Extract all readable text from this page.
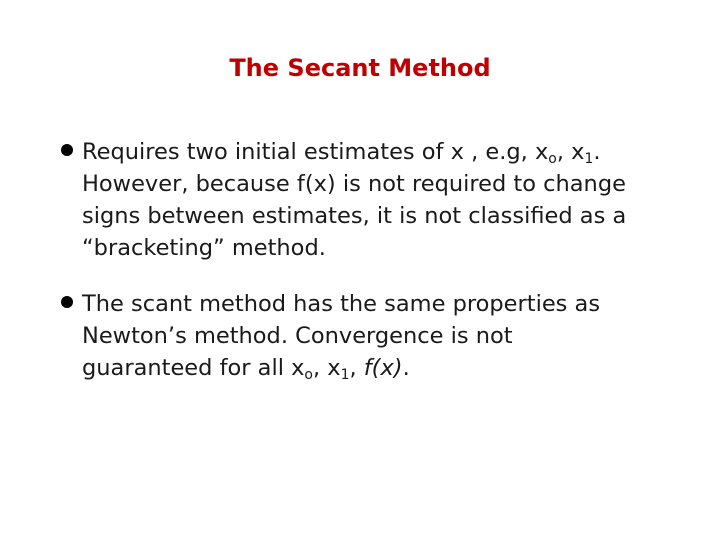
The Secant Method
Requires two initial estimates of x , e.g, $x_o$, $x_1$.
However, because f(x) is not required to change
signs between estimates, it is not classified as a
“bracketing” method.
The scant method has the same properties as
Newton’s method. Convergence is not
guaranteed for all $x_o$, $x_1$, f(x).
